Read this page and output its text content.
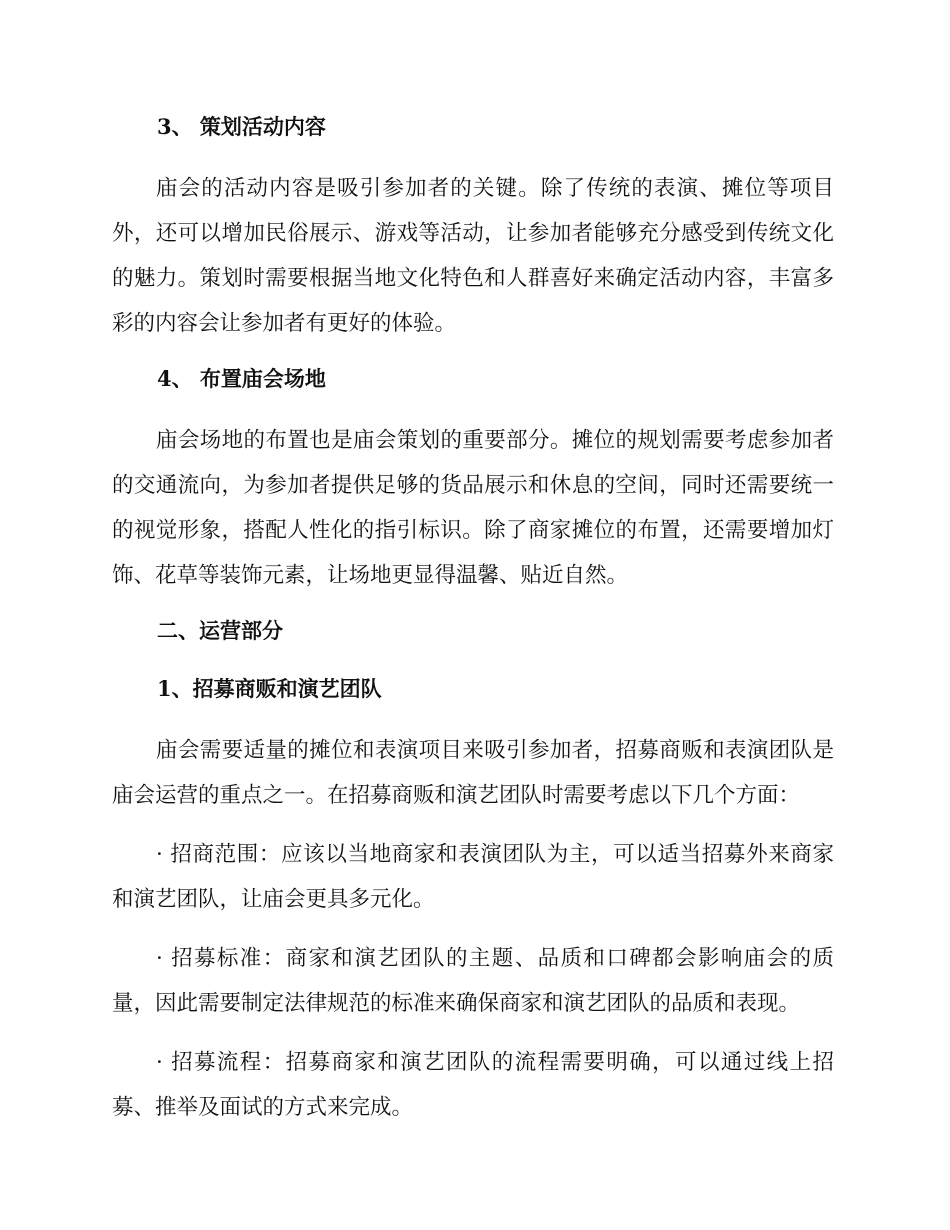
3、 策划活动内容

庙会的活动内容是吸引参加者的关键。除了传统的表演、摊位等项目外，还可以增加民俗展示、游戏等活动，让参加者能够充分感受到传统文化的魅力。策划时需要根据当地文化特色和人群喜好来确定活动内容，丰富多彩的内容会让参加者有更好的体验。

4、 布置庙会场地

庙会场地的布置也是庙会策划的重要部分。摊位的规划需要考虑参加者的交通流向，为参加者提供足够的货品展示和休息的空间，同时还需要统一的视觉形象，搭配人性化的指引标识。除了商家摊位的布置，还需要增加灯饰、花草等装饰元素，让场地更显得温馨、贴近自然。

二、运营部分
1、招募商贩和演艺团队

庙会需要适量的摊位和表演项目来吸引参加者，招募商贩和表演团队是庙会运营的重点之一。在招募商贩和演艺团队时需要考虑以下几个方面：

· 招商范围：应该以当地商家和表演团队为主，可以适当招募外来商家和演艺团队，让庙会更具多元化。

· 招募标准：商家和演艺团队的主题、品质和口碑都会影响庙会的质量，因此需要制定法律规范的标准来确保商家和演艺团队的品质和表现。

· 招募流程：招募商家和演艺团队的流程需要明确，可以通过线上招募、推举及面试的方式来完成。
